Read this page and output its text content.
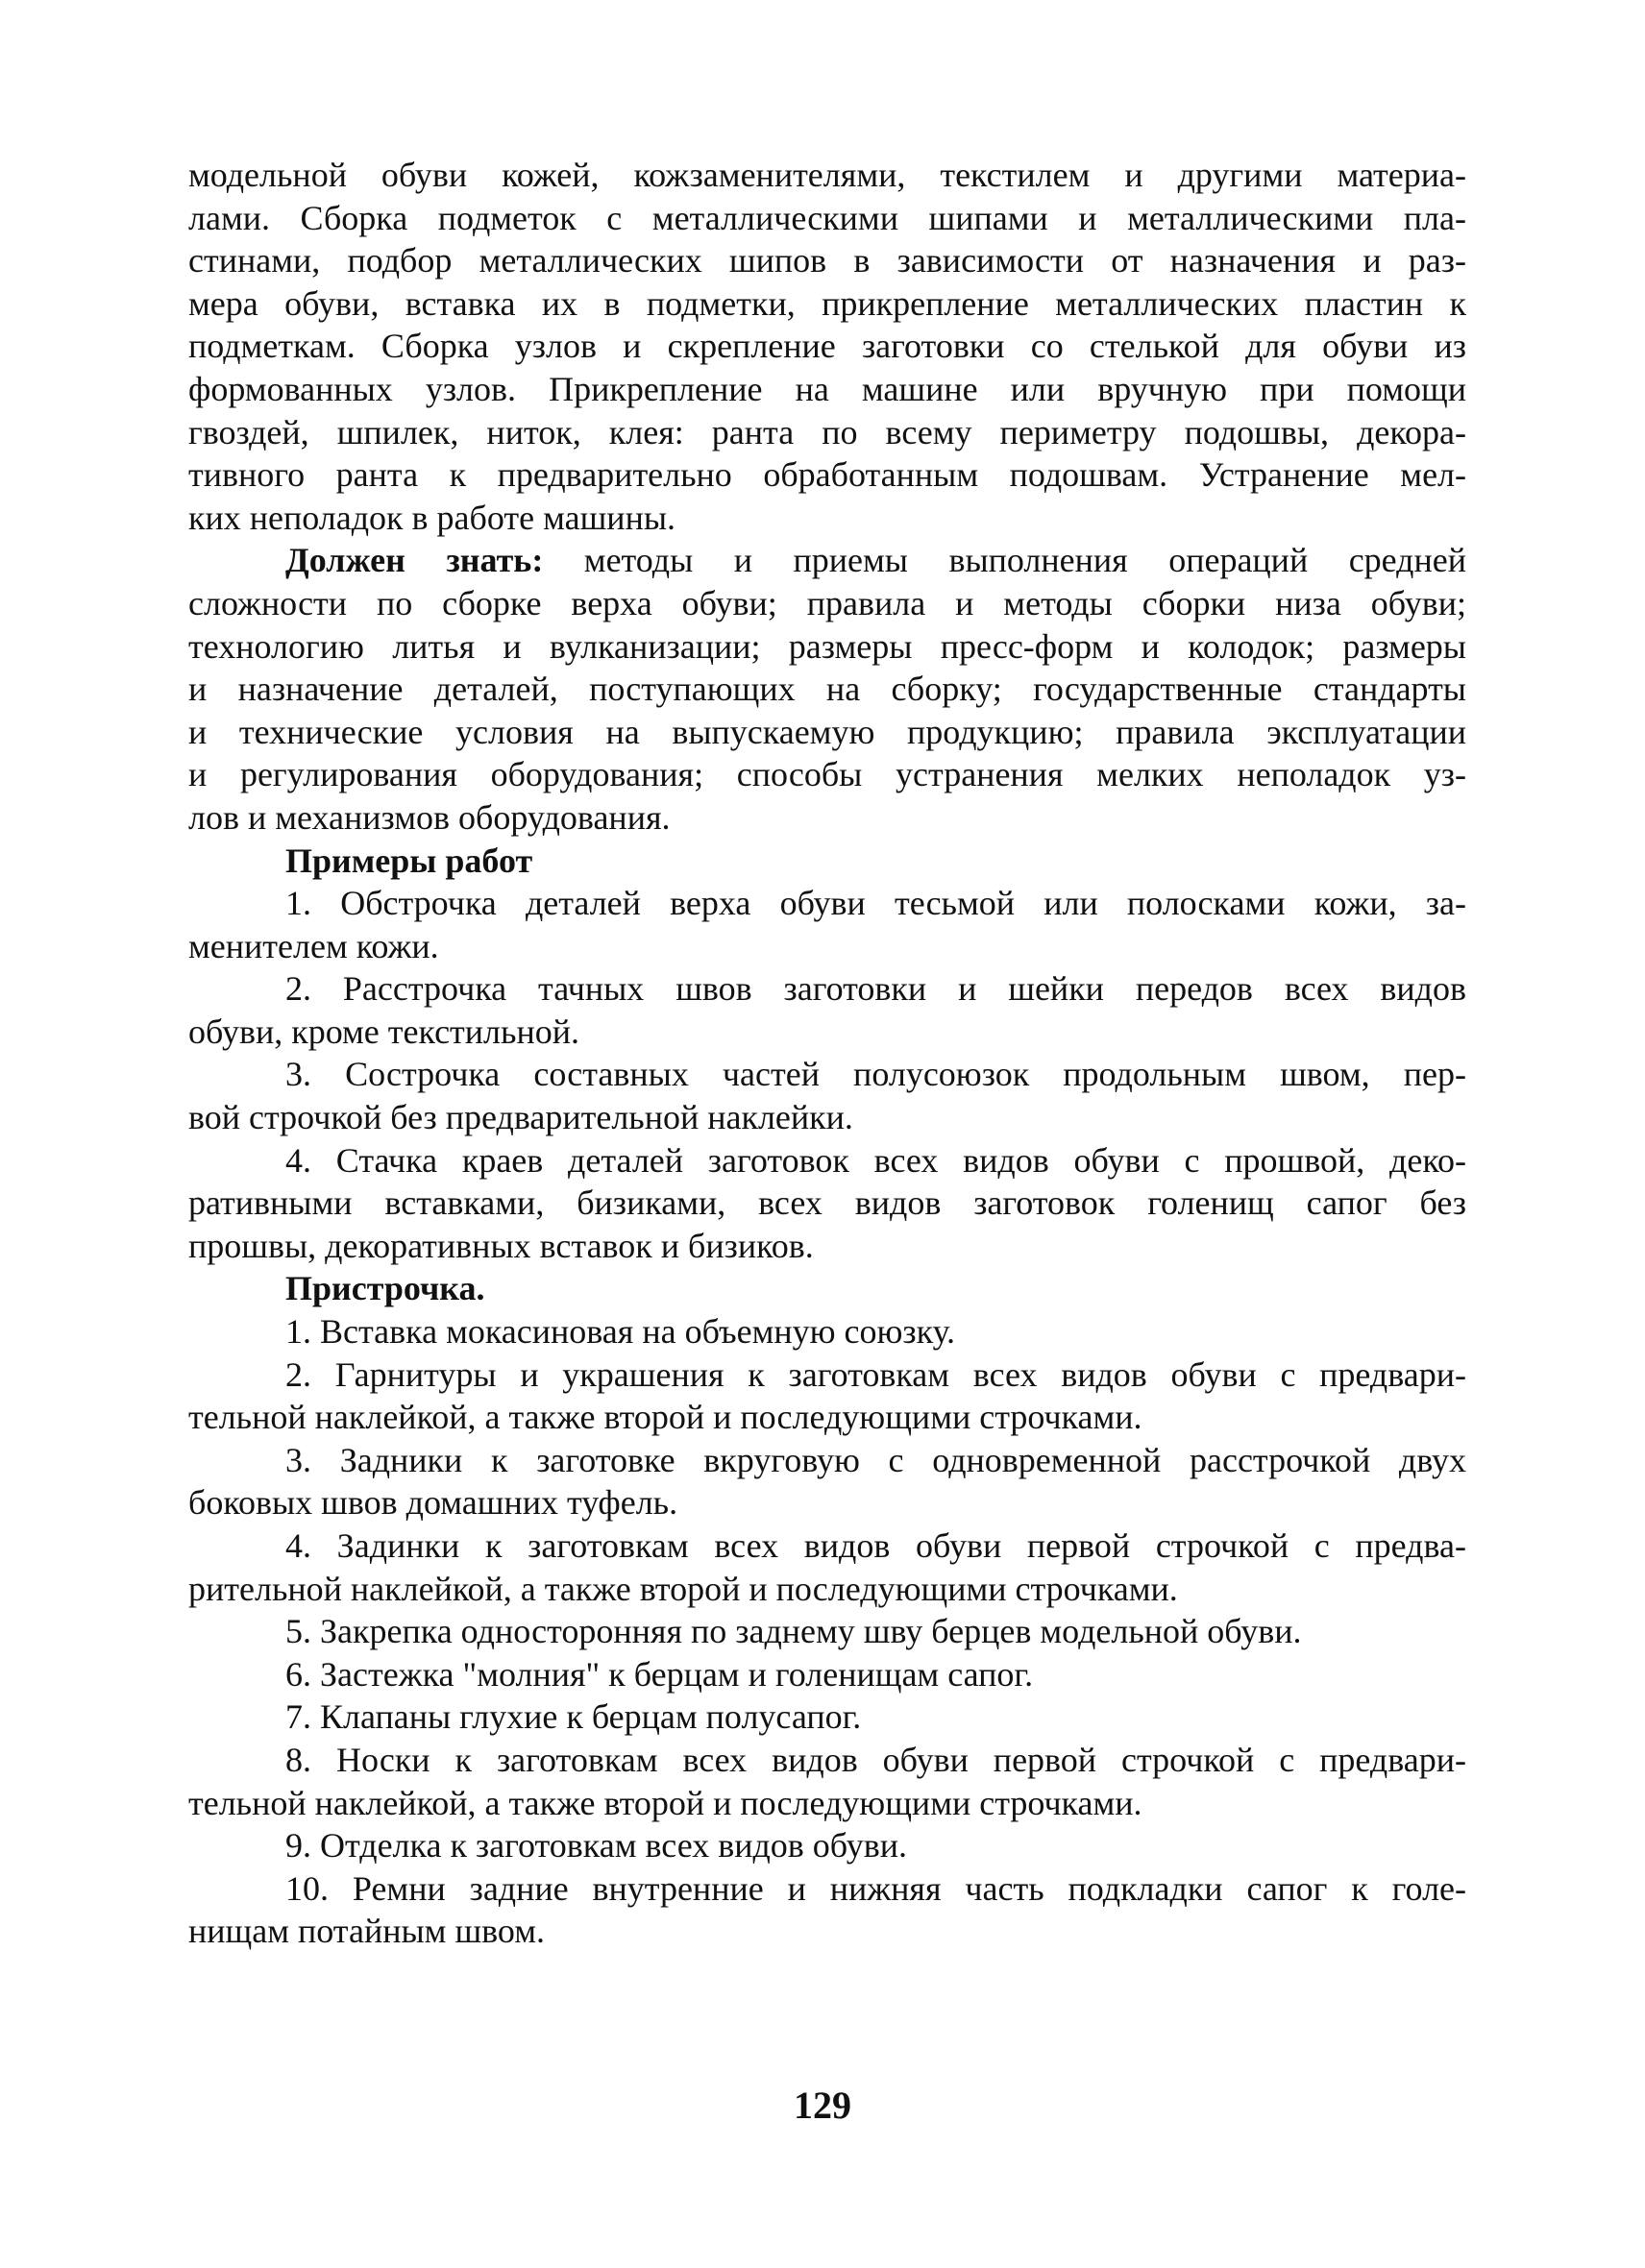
модельной обуви кожей, кожзаменителями, текстилем и другими материа-
лами. Сборка подметок с металлическими шипами и металлическими пла-
стинами, подбор металлических шипов в зависимости от назначения и раз-
мера обуви, вставка их в подметки, прикрепление металлических пластин к
подметкам. Сборка узлов и скрепление заготовки со стелькой для обуви из
формованных узлов. Прикрепление на машине или вручную при помощи
гвоздей, шпилек, ниток, клея: ранта по всему периметру подошвы, декора-
тивного ранта к предварительно обработанным подошвам. Устранение мел-
ких неполадок в работе машины.
Должен знать: методы и приемы выполнения операций средней
сложности по сборке верха обуви; правила и методы сборки низа обуви;
технологию литья и вулканизации; размеры пресс-форм и колодок; размеры
и назначение деталей, поступающих на сборку; государственные стандарты
и технические условия на выпускаемую продукцию; правила эксплуатации
и регулирования оборудования; способы устранения мелких неполадок уз-
лов и механизмов оборудования.
Примеры работ
1. Обстрочка деталей верха обуви тесьмой или полосками кожи, за-
менителем кожи.
2. Расстрочка тачных швов заготовки и шейки передов всех видов
обуви, кроме текстильной.
3. Сострочка составных частей полусоюзок продольным швом, пер-
вой строчкой без предварительной наклейки.
4. Стачка краев деталей заготовок всех видов обуви с прошвой, деко-
ративными вставками, бизиками, всех видов заготовок голенищ сапог без
прошвы, декоративных вставок и бизиков.
Пристрочка.
1. Вставка мокасиновая на объемную союзку.
2. Гарнитуры и украшения к заготовкам всех видов обуви с предвари-
тельной наклейкой, а также второй и последующими строчками.
3. Задники к заготовке вкруговую с одновременной расстрочкой двух
боковых швов домашних туфель.
4. Задинки к заготовкам всех видов обуви первой строчкой с предва-
рительной наклейкой, а также второй и последующими строчками.
5. Закрепка односторонняя по заднему шву берцев модельной обуви.
6. Застежка "молния" к берцам и голенищам сапог.
7. Клапаны глухие к берцам полусапог.
8. Носки к заготовкам всех видов обуви первой строчкой с предвари-
тельной наклейкой, а также второй и последующими строчками.
9. Отделка к заготовкам всех видов обуви.
10. Ремни задние внутренние и нижняя часть подкладки сапог к голе-
нищам потайным швом.
129
